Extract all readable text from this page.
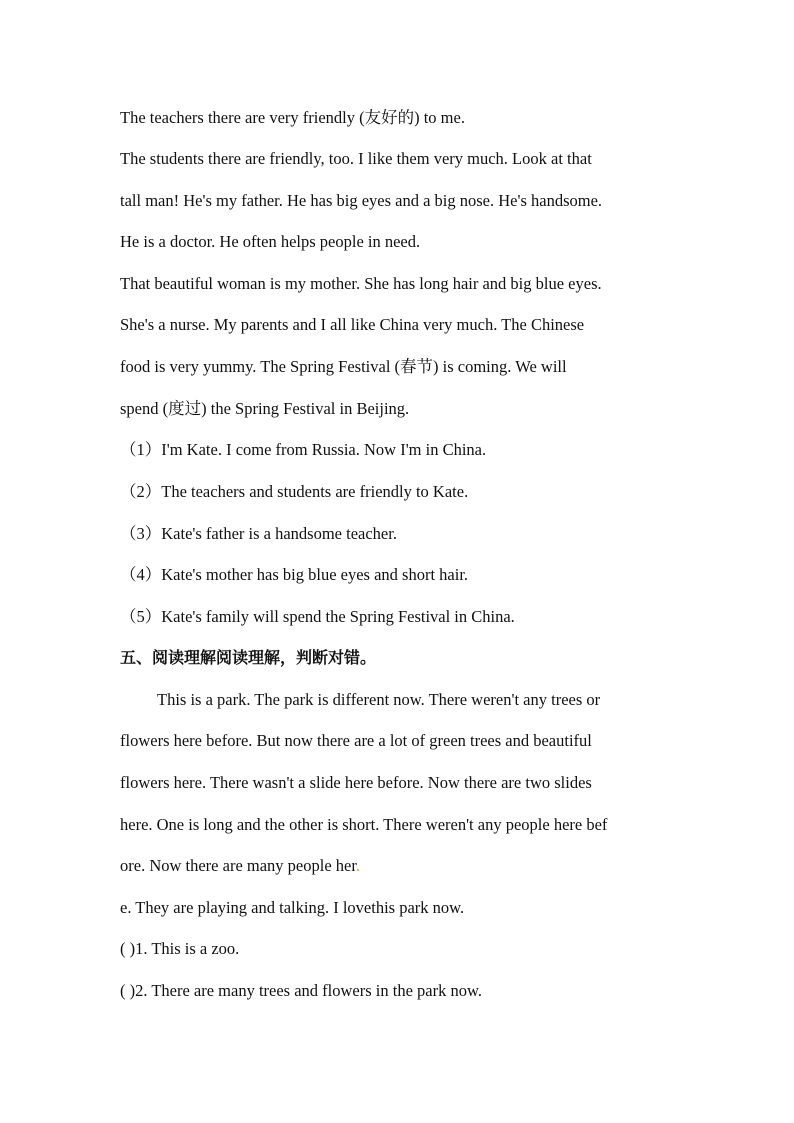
The teachers there are very friendly (友好的) to me.
The students there are friendly, too. I like them very much. Look at that
tall man! He's my father. He has big eyes and a big nose. He's handsome.
He is a doctor. He often helps people in need.
That beautiful woman is my mother. She has long hair and big blue eyes.
She's a nurse. My parents and I all like China very much. The Chinese
food is very yummy. The Spring Festival (春节) is coming. We will
spend (度过) the Spring Festival in Beijing.
（1）I'm Kate. I come from Russia. Now I'm in China.
（2）The teachers and students are friendly to Kate.
（3）Kate's father is a handsome teacher.
（4）Kate's mother has big blue eyes and short hair.
（5）Kate's family will spend the Spring Festival in China.
五、阅读理解阅读理解，判断对错。
This is a park. The park is different now. There weren't any trees or
flowers here before. But now there are a lot of green trees and beautiful
flowers here. There wasn't a slide here before. Now there are two slides
here. One is long and the other is short. There weren't any people here bef
ore. Now there are many people her.
e. They are playing and talking. I lovethis park now.
( )1. This is a zoo.
( )2. There are many trees and flowers in the park now.
